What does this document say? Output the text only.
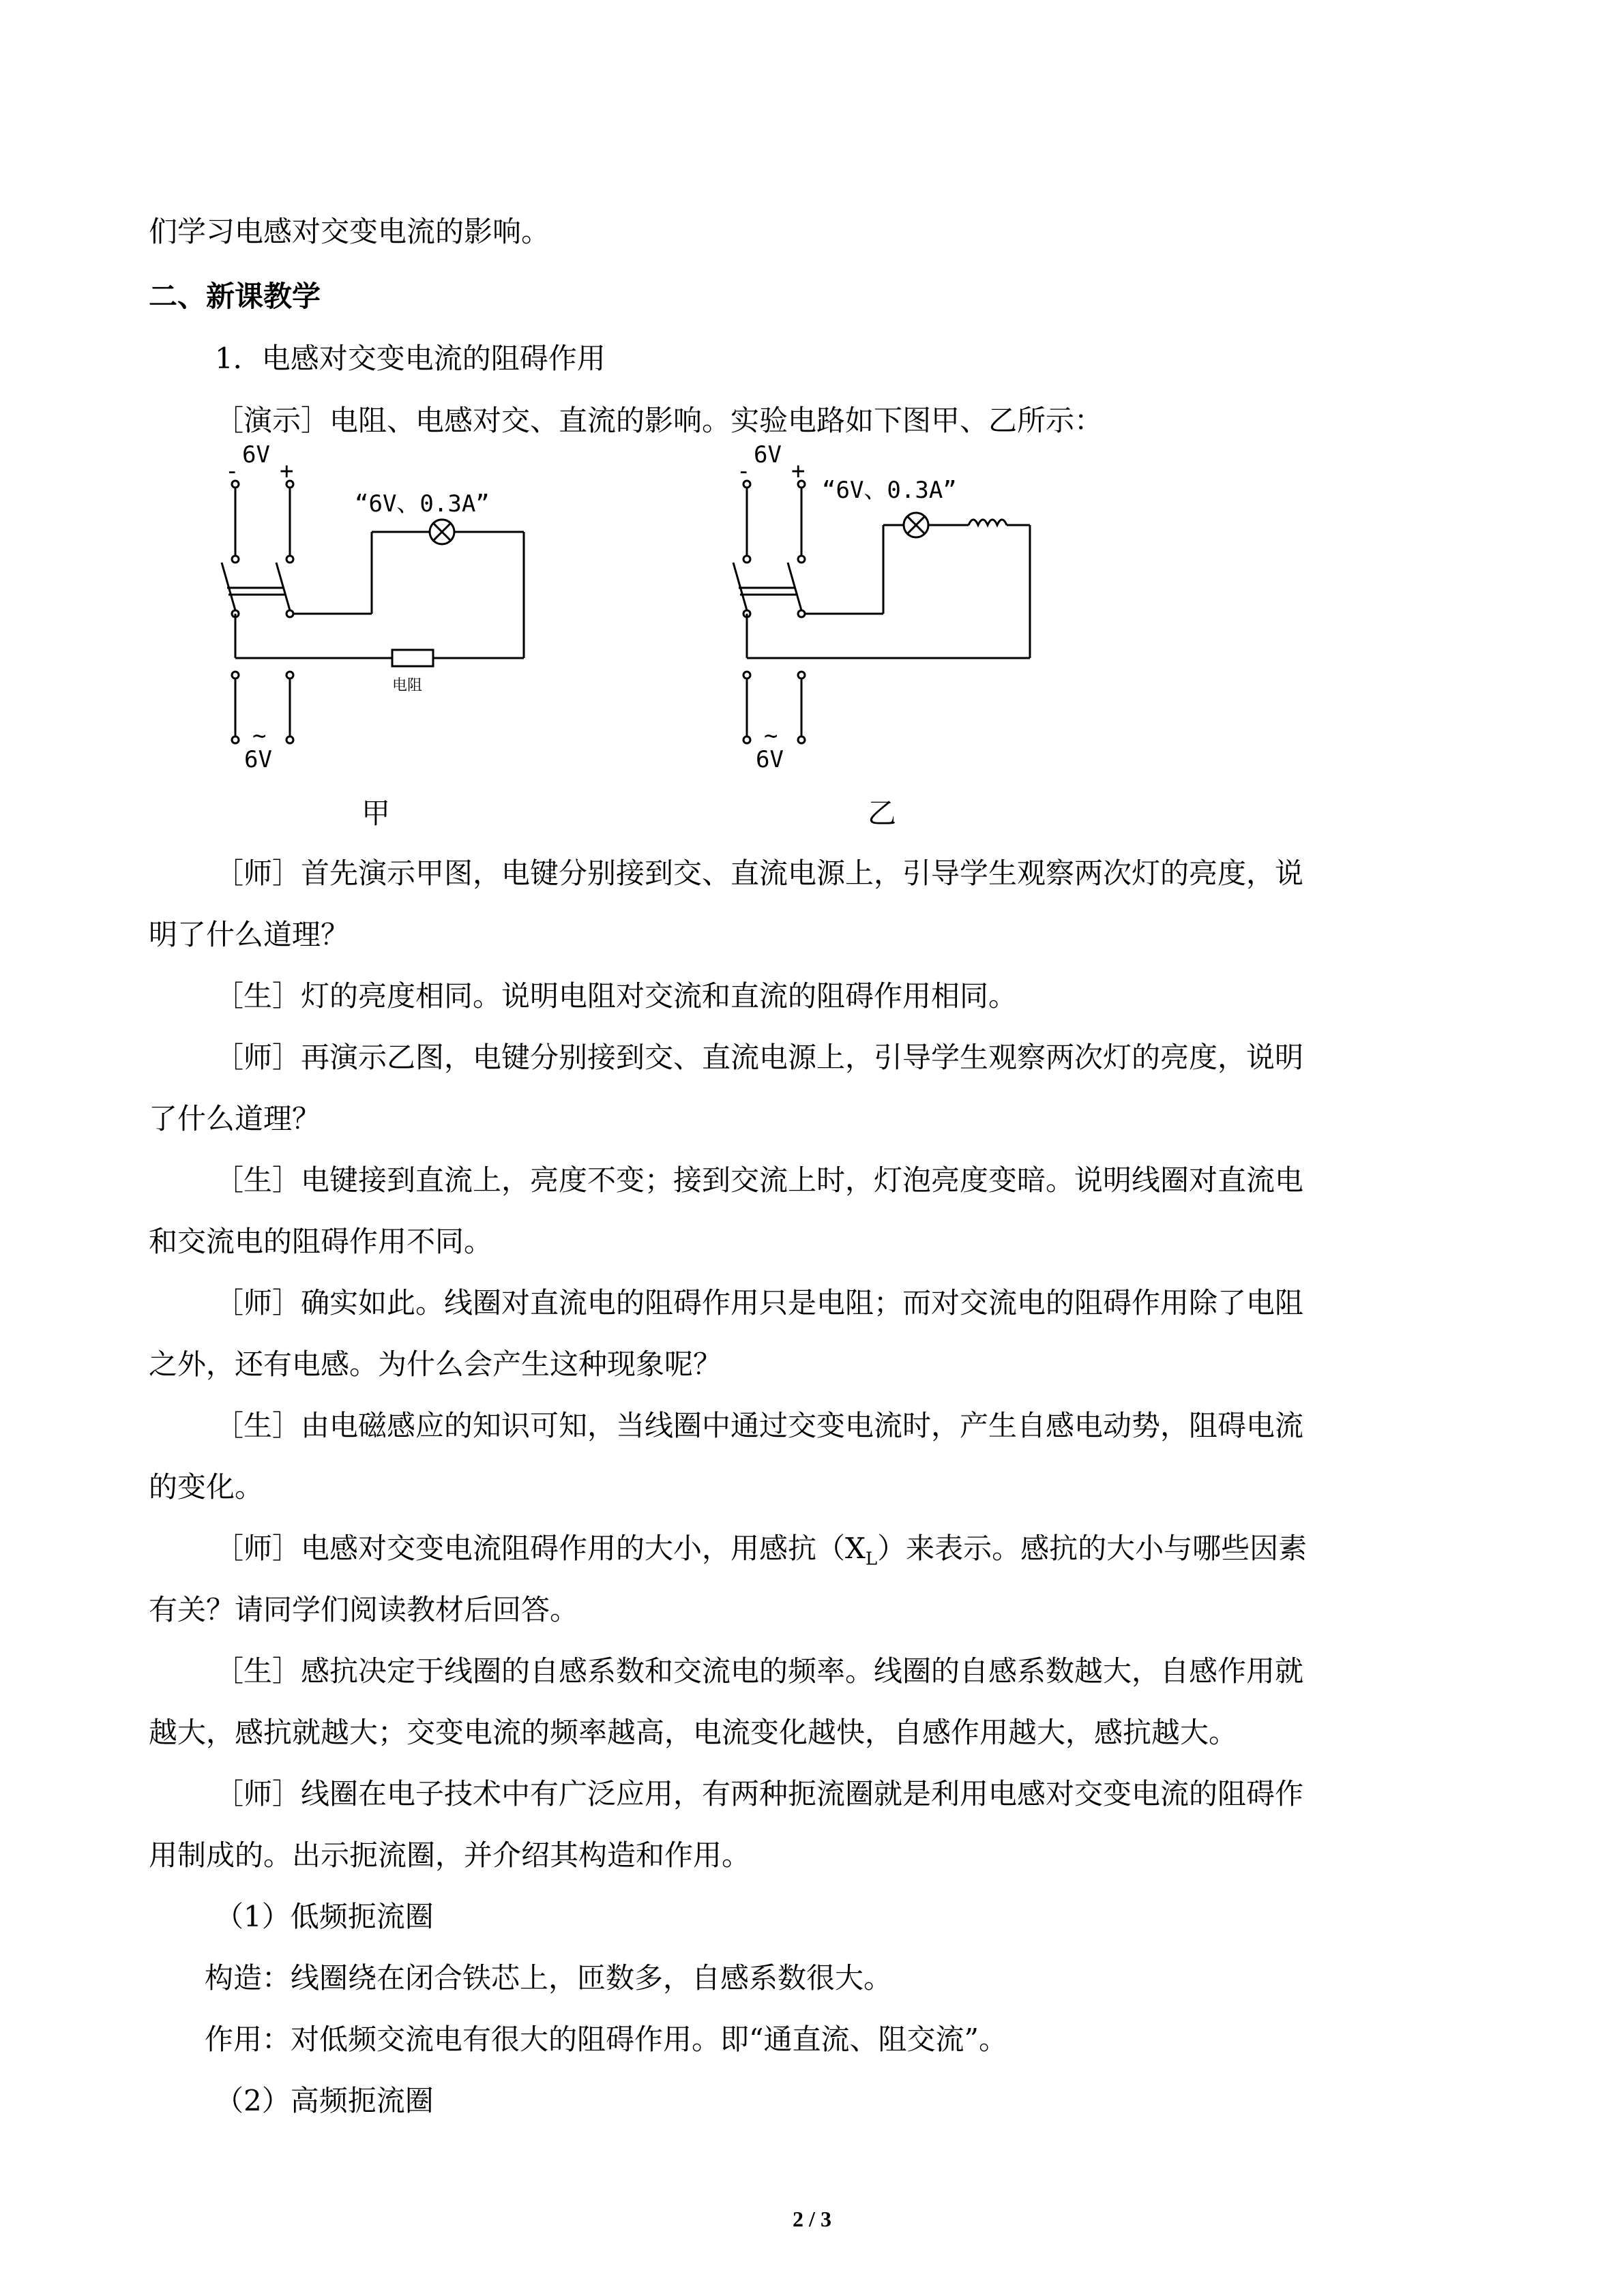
们学习电感对交变电流的影响。
二、新课教学
1．电感对交变电流的阻碍作用
［演示］电阻、电感对交、直流的影响。实验电路如下图甲、乙所示：
-
6V
+
“6V、0.3A”
~
6V
电阻
-
6V
+
“6V、0.3A”
~
6V
甲	乙
［师］首先演示甲图，电键分别接到交、直流电源上，引导学生观察两次灯的亮度，说
明了什么道理？
［生］灯的亮度相同。说明电阻对交流和直流的阻碍作用相同。
［师］再演示乙图，电键分别接到交、直流电源上，引导学生观察两次灯的亮度，说明
了什么道理？
［生］电键接到直流上，亮度不变；接到交流上时，灯泡亮度变暗。说明线圈对直流电
和交流电的阻碍作用不同。
［师］确实如此。线圈对直流电的阻碍作用只是电阻；而对交流电的阻碍作用除了电阻
之外，还有电感。为什么会产生这种现象呢？
［生］由电磁感应的知识可知，当线圈中通过交变电流时，产生自感电动势，阻碍电流
的变化。
［师］电感对交变电流阻碍作用的大小，用感抗$(X_L)$来表示。感抗的大小与哪些因素
有关？请同学们阅读教材后回答。
［生］感抗决定于线圈的自感系数和交流电的频率。线圈的自感系数越大，自感作用就
越大，感抗就越大；交变电流的频率越高，电流变化越快，自感作用越大，感抗越大。
［师］线圈在电子技术中有广泛应用，有两种扼流圈就是利用电感对交变电流的阻碍作
用制成的。出示扼流圈，并介绍其构造和作用。
（1）低频扼流圈
构造：线圈绕在闭合铁芯上，匝数多，自感系数很大。
作用：对低频交流电有很大的阻碍作用。即“通直流、阻交流”。
（2）高频扼流圈
2 / 3
